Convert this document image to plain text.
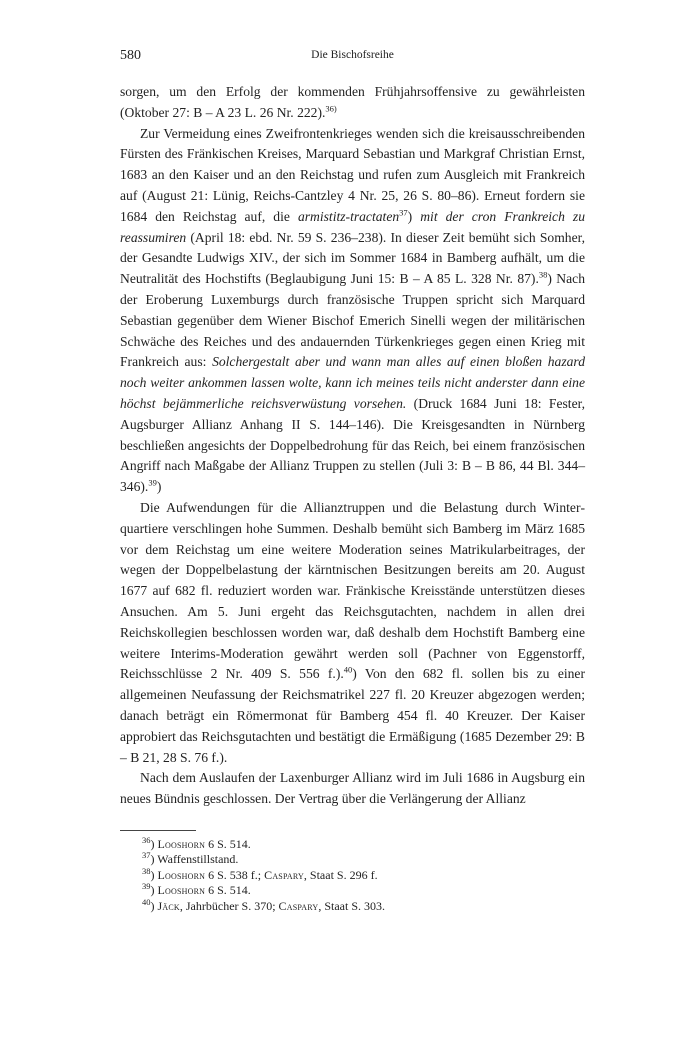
580	Die Bischofsreihe

sorgen, um den Erfolg der kommenden Frühjahrsoffensive zu gewährleisten (Oktober 27: B – A 23 L. 26 Nr. 222).$^{36)}$

Zur Vermeidung eines Zweifrontenkrieges wenden sich die kreisausschreibenden Fürsten des Fränkischen Kreises, Marquard Sebastian und Markgraf Christian Ernst, 1683 an den Kaiser und an den Reichstag und rufen zum Ausgleich mit Frankreich auf (August 21: Lünig, Reichs-Cantzley 4 Nr. 25, 26 S. 80–86). Erneut fordern sie 1684 den Reichstag auf, die armistitz-tractaten$^{37}$) mit der cron Frankreich zu reassumiren (April 18: ebd. Nr. 59 S. 236–238). In dieser Zeit bemüht sich Somher, der Gesandte Ludwigs XIV., der sich im Sommer 1684 in Bamberg aufhält, um die Neutralität des Hochstifts (Beglaubigung Juni 15: B – A 85 L. 328 Nr. 87).$^{38}$) Nach der Eroberung Luxemburgs durch französische Truppen spricht sich Marquard Sebastian gegenüber dem Wiener Bischof Emerich Sinelli wegen der militärischen Schwäche des Reiches und des andauernden Türkenkrieges gegen einen Krieg mit Frankreich aus: Solchergestalt aber und wann man alles auf einen bloßen hazard noch weiter ankommen lassen wolte, kann ich meines teils nicht anderster dann eine höchst bejämmerliche reichsverwüstung vorsehen. (Druck 1684 Juni 18: Fester, Augsburger Allianz Anhang II S. 144–146). Die Kreisgesandten in Nürnberg beschließen angesichts der Doppelbedrohung für das Reich, bei einem französischen Angriff nach Maßgabe der Allianz Truppen zu stellen (Juli 3: B – B 86, 44 Bl. 344–346).$^{39}$)

Die Aufwendungen für die Allianztruppen und die Belastung durch Winterquartiere verschlingen hohe Summen. Deshalb bemüht sich Bamberg im März 1685 vor dem Reichstag um eine weitere Moderation seines Matrikularbeitrages, der wegen der Doppelbelastung der kärntnischen Besitzungen bereits am 20. August 1677 auf 682 fl. reduziert worden war. Fränkische Kreisstände unterstützen dieses Ansuchen. Am 5. Juni ergeht das Reichsgutachten, nachdem in allen drei Reichskollegien beschlossen worden war, daß deshalb dem Hochstift Bamberg eine weitere Interims-Moderation gewährt werden soll (Pachner von Eggenstorff, Reichsschlüsse 2 Nr. 409 S. 556 f.).$^{40}$) Von den 682 fl. sollen bis zu einer allgemeinen Neufassung der Reichsmatrikel 227 fl. 20 Kreuzer abgezogen werden; danach beträgt ein Römermonat für Bamberg 454 fl. 40 Kreuzer. Der Kaiser approbiert das Reichsgutachten und bestätigt die Ermäßigung (1685 Dezember 29: B – B 21, 28 S. 76 f.).

Nach dem Auslaufen der Laxenburger Allianz wird im Juli 1686 in Augsburg ein neues Bündnis geschlossen. Der Vertrag über die Verlängerung der Allianz

$^{36}$) Looshorn 6 S. 514.
$^{37}$) Waffenstillstand.
$^{38}$) Looshorn 6 S. 538 f.; Caspary, Staat S. 296 f.
$^{39}$) Looshorn 6 S. 514.
$^{40}$) Jäck, Jahrbücher S. 370; Caspary, Staat S. 303.
